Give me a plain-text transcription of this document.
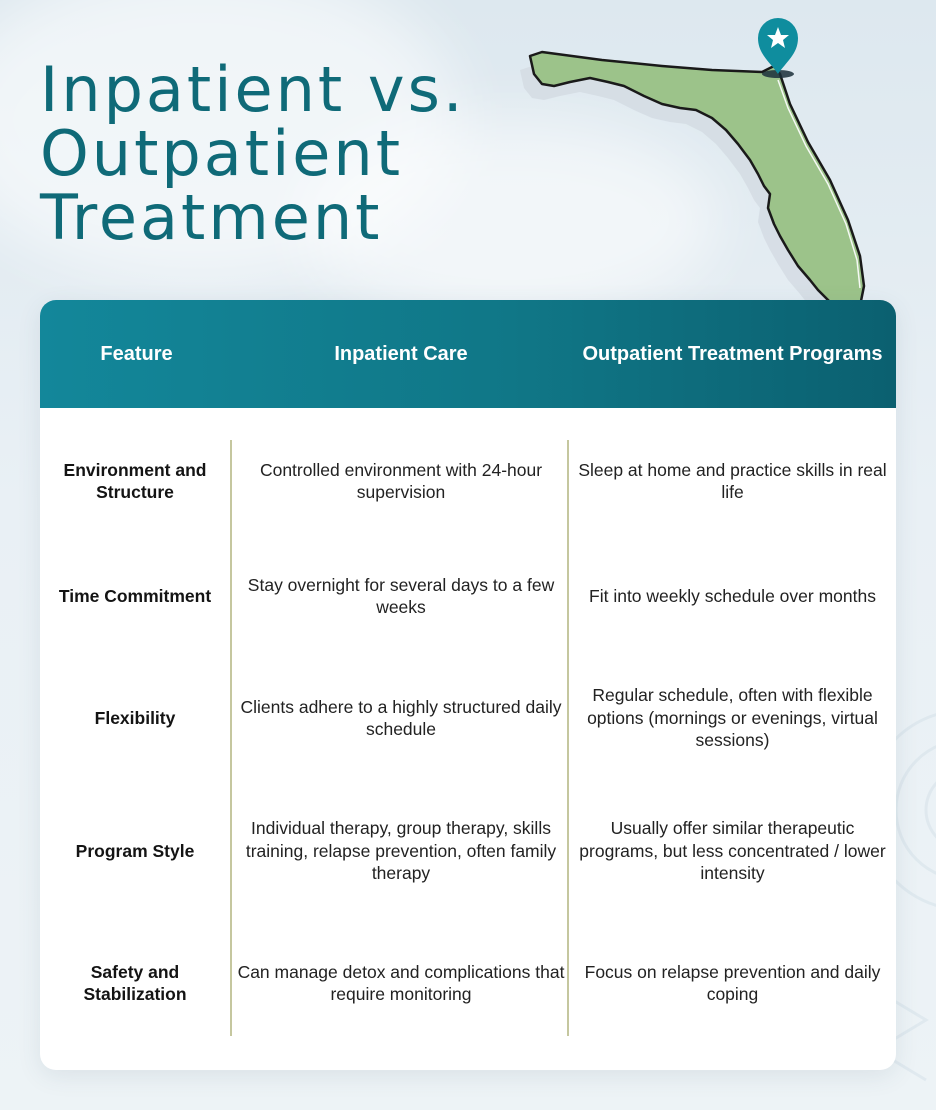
Inpatient vs.
Outpatient
Treatment
Feature	Inpatient Care	Outpatient Treatment Programs
Environment and Structure
Controlled environment with 24-hour supervision
Sleep at home and practice skills in real life
Time Commitment
Stay overnight for several days to a few weeks
Fit into weekly schedule over months
Flexibility
Clients adhere to a highly structured daily schedule
Regular schedule, often with flexible options (mornings or evenings, virtual sessions)
Program Style
Individual therapy, group therapy, skills training, relapse prevention, often family therapy
Usually offer similar therapeutic programs, but less concentrated / lower intensity
Safety and Stabilization
Can manage detox and complications that require monitoring
Focus on relapse prevention and daily coping
